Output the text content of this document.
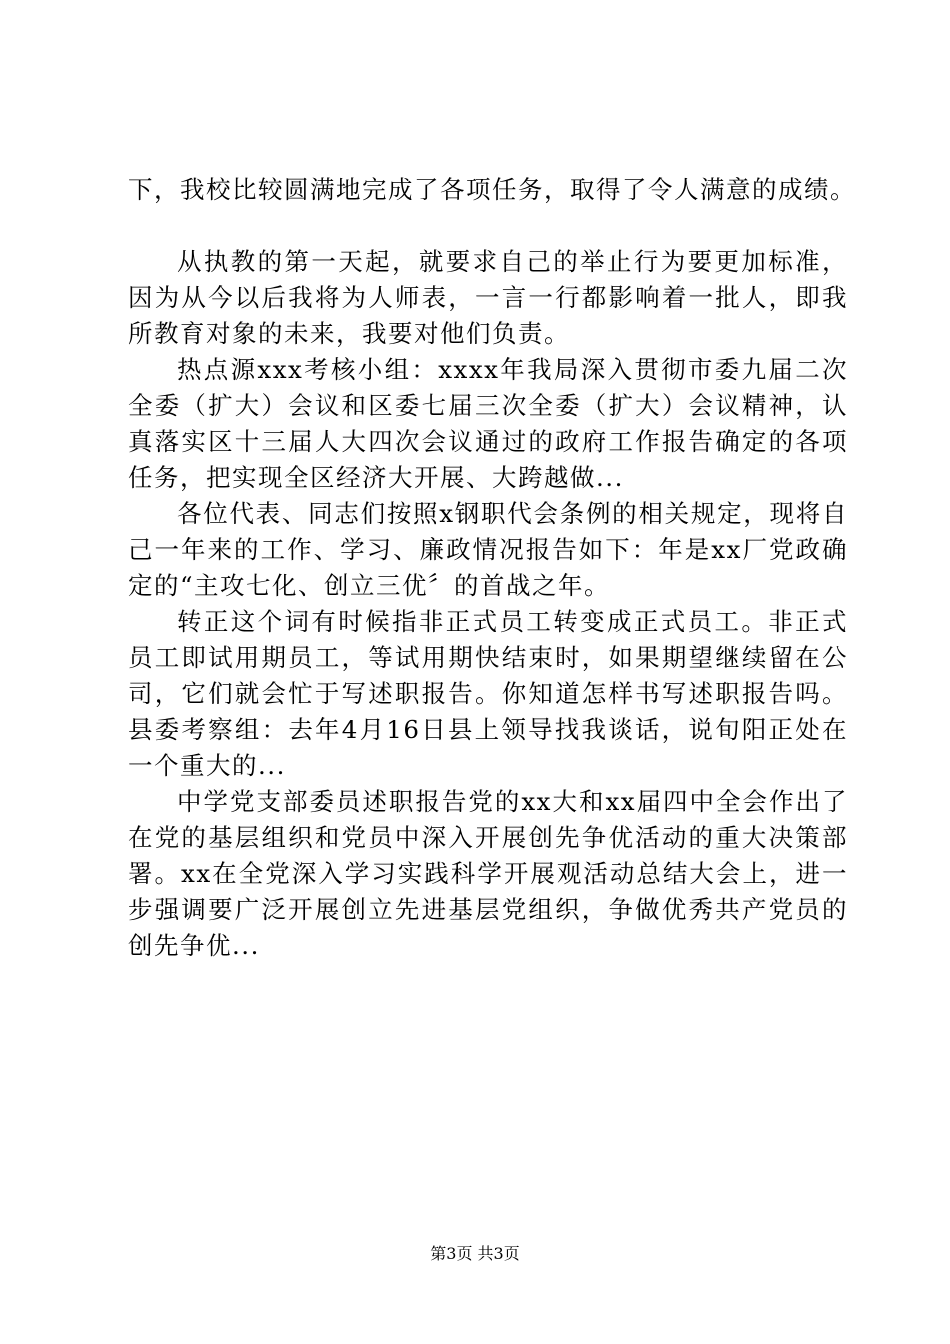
下，我校比较圆满地完成了各项任务，取得了令人满意的成绩。

从执教的第一天起，就要求自己的举止行为要更加标准，因为从今以后我将为人师表，一言一行都影响着一批人，即我所教育对象的未来，我要对他们负责。

热点源xxx考核小组：xxxx年我局深入贯彻市委九届二次全委（扩大）会议和区委七届三次全委（扩大）会议精神，认真落实区十三届人大四次会议通过的政府工作报告确定的各项任务，把实现全区经济大开展、大跨越做...

各位代表、同志们按照x钢职代会条例的相关规定，现将自己一年来的工作、学习、廉政情况报告如下：年是xx厂党政确定的“主攻七化、创立三优〞的首战之年。

转正这个词有时候指非正式员工转变成正式员工。非正式员工即试用期员工，等试用期快结束时，如果期望继续留在公司，它们就会忙于写述职报告。你知道怎样书写述职报告吗。县委考察组：去年4月16日县上领导找我谈话，说旬阳正处在一个重大的...

中学党支部委员述职报告党的xx大和xx届四中全会作出了在党的基层组织和党员中深入开展创先争优活动的重大决策部署。xx在全党深入学习实践科学开展观活动总结大会上，进一步强调要广泛开展创立先进基层党组织，争做优秀共产党员的创先争优...

第3页 共3页
